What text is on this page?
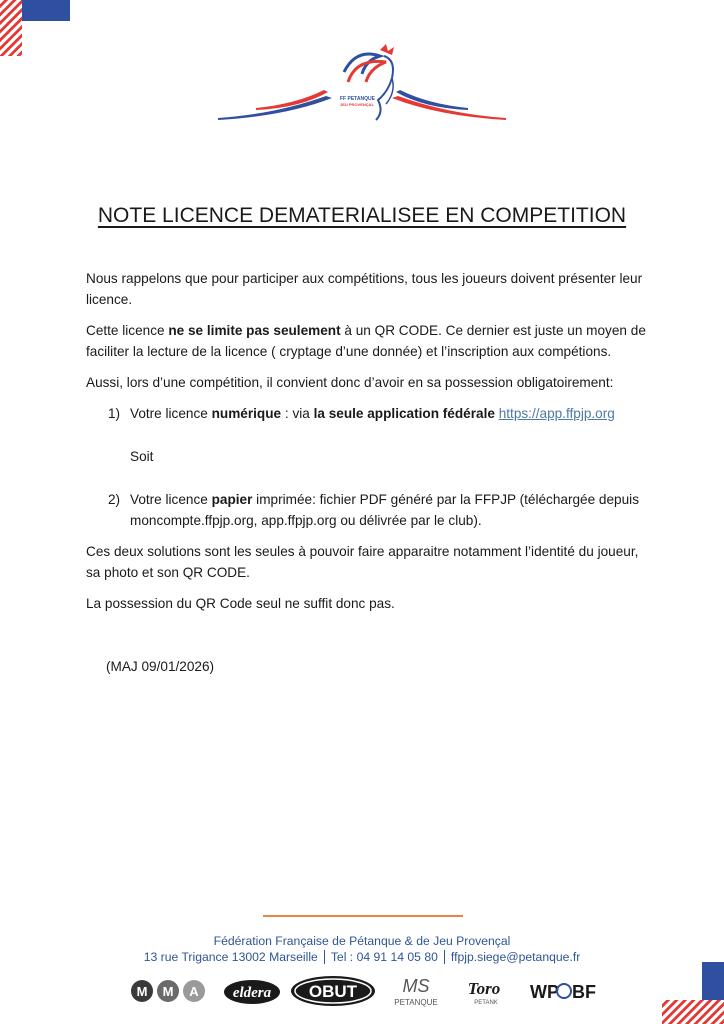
FF PETANQUE
JEU PROVENÇAL
NOTE LICENCE DEMATERIALISEE EN COMPETITION

Nous rappelons que pour participer aux compétitions, tous les joueurs doivent présenter leur licence.

Cette licence ne se limite pas seulement à un QR CODE. Ce dernier est juste un moyen de faciliter la lecture de la licence ( cryptage d’une donnée) et l’inscription aux compétions.

Aussi, lors d’une compétition, il convient donc d’avoir en sa possession obligatoirement:

1) Votre licence numérique : via la seule application fédérale https://app.ffpjp.org
Soit
2) Votre licence papier imprimée: fichier PDF généré par la FFPJP (téléchargée depuis moncompte.ffpjp.org, app.ffpjp.org ou délivrée par le club).

Ces deux solutions sont les seules à pouvoir faire apparaitre notamment l’identité du joueur, sa photo et son QR CODE.

La possession du QR Code seul ne suffit donc pas.

(MAJ 09/01/2026)
Fédération Française de Pétanque & de Jeu Provençal
13 rue Trigance 13002 Marseille Tel : 04 91 14 05 80 ffpjp.siege@petanque.fr
M M A eldera OBUT	MS
PETANQUE
Toro
PETANK
WP BF
